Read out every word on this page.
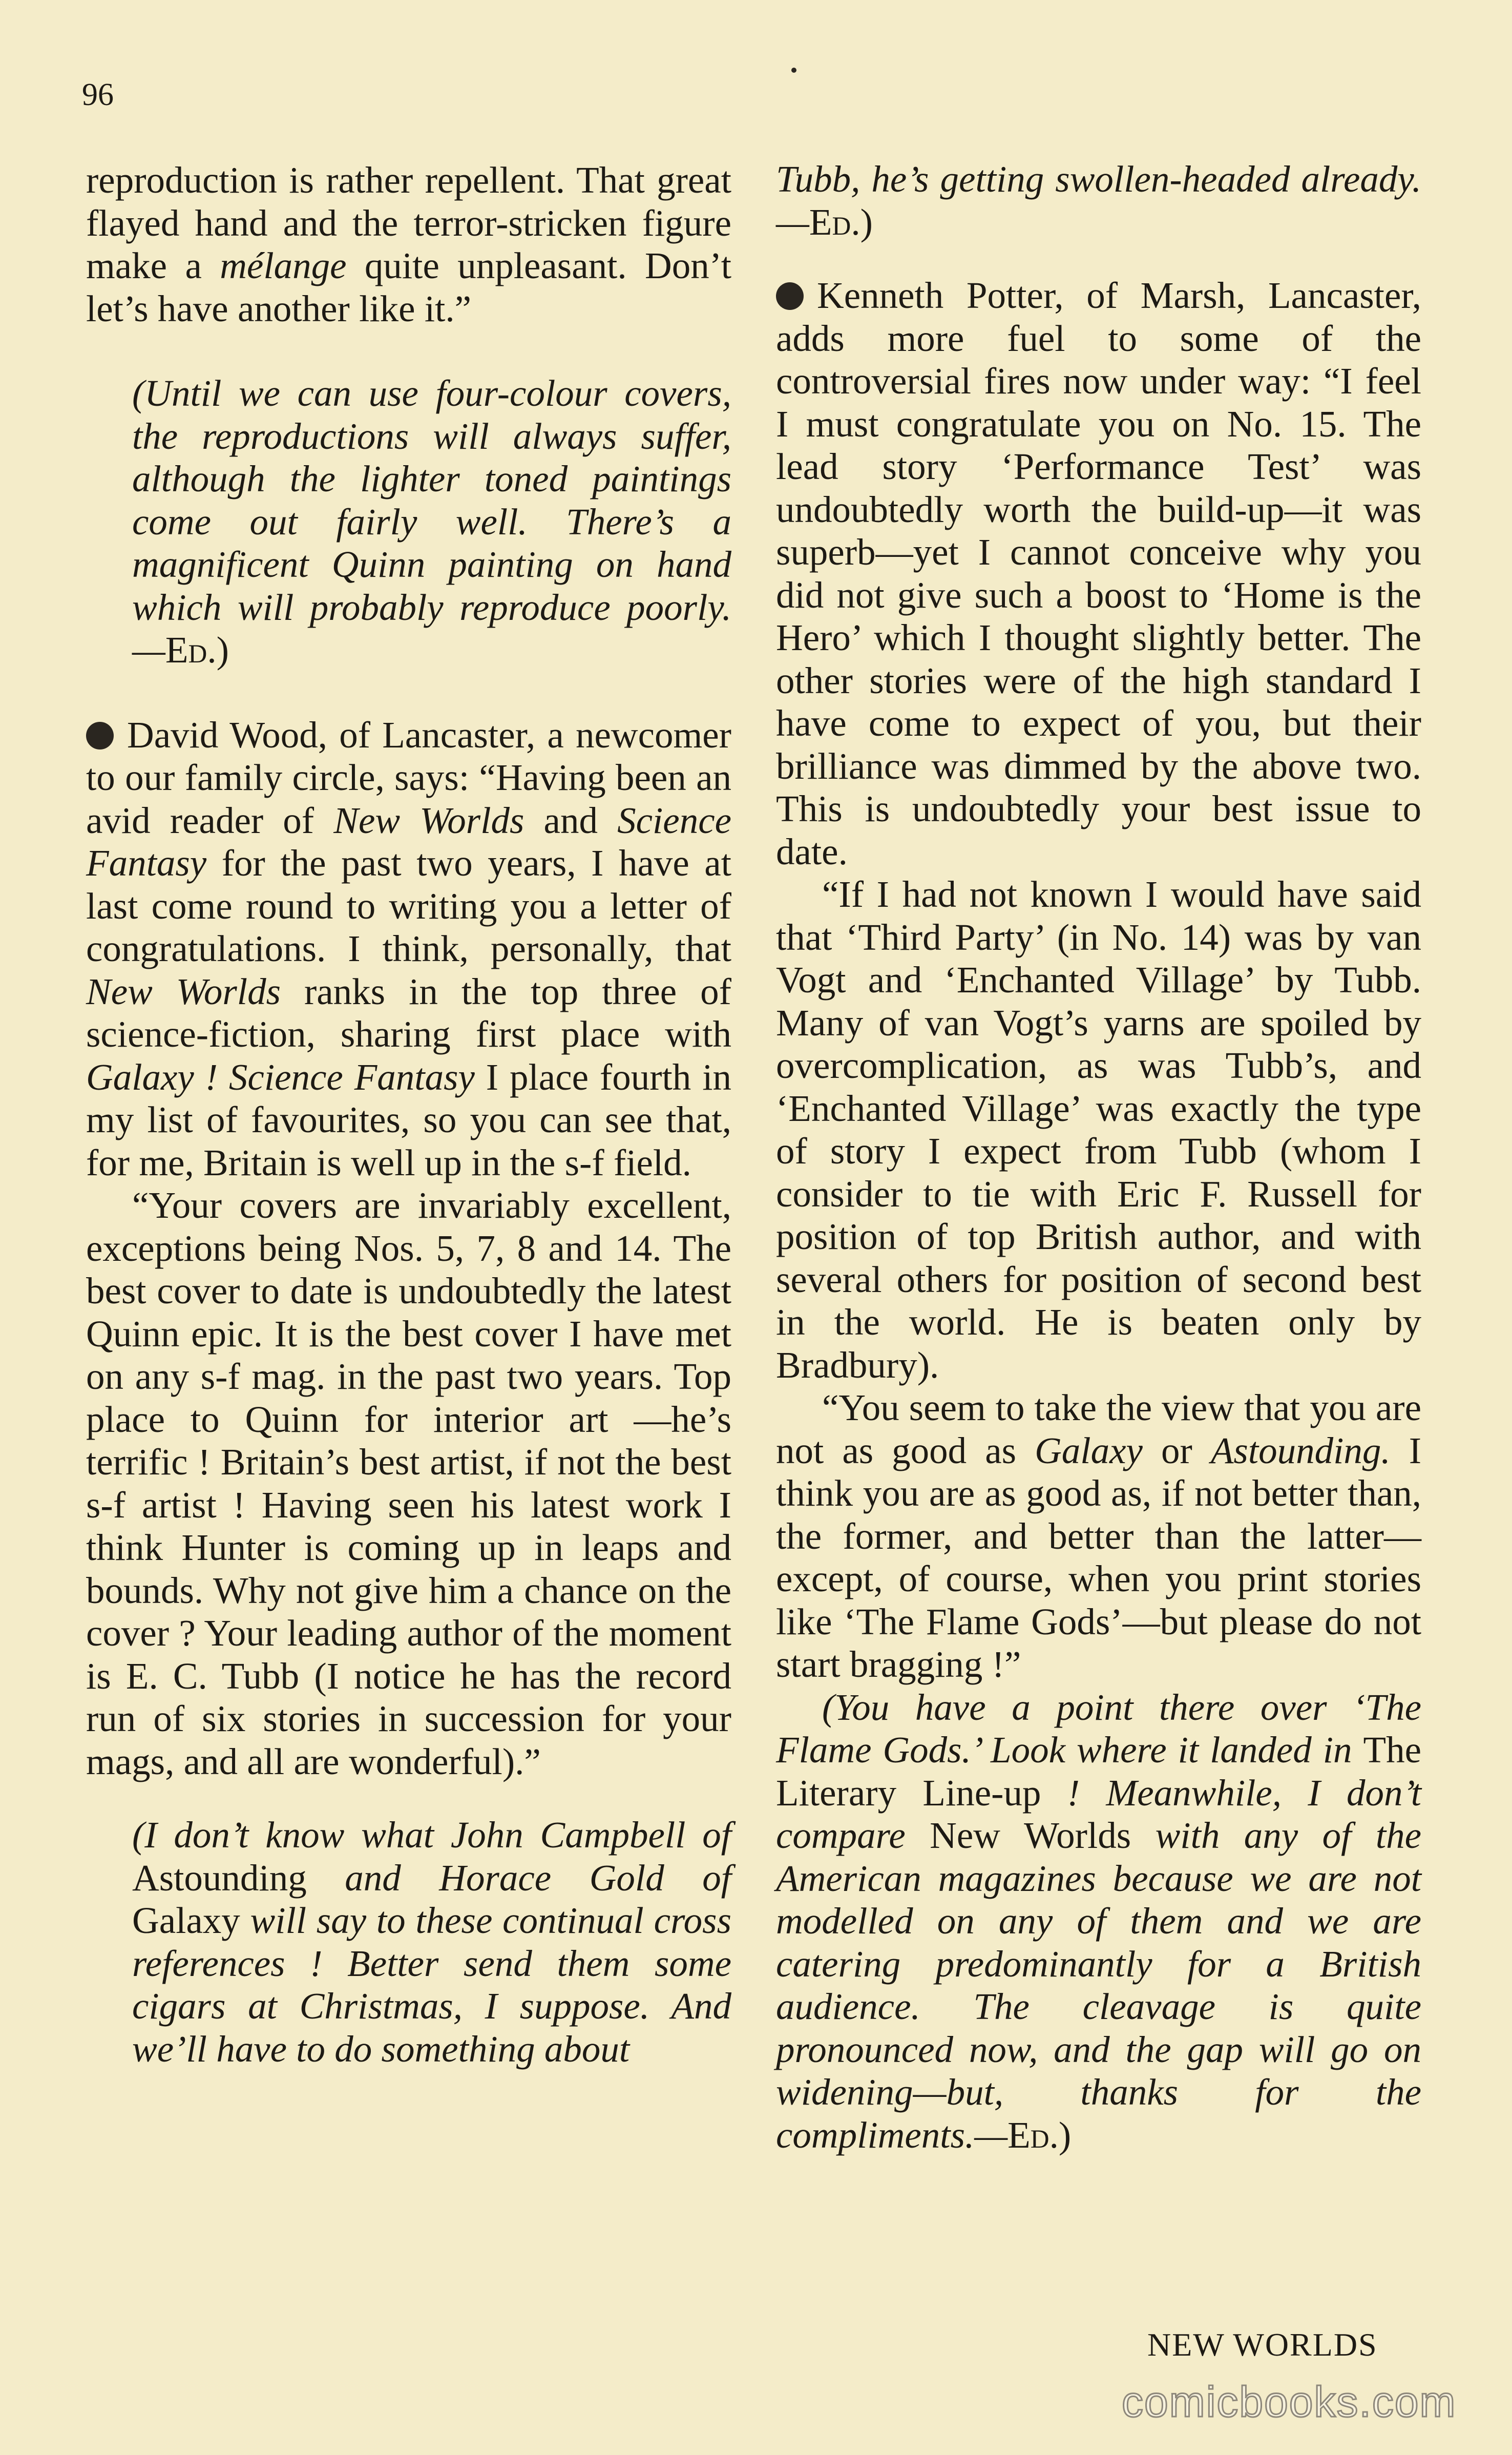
96

reproduction is rather repellent. That great flayed hand and the terror-stricken figure make a mélange quite unpleasant. Don’t let’s have another like it.”

(Until we can use four-colour covers, the reproductions will always suffer, although the lighter toned paintings come out fairly well. There’s a magnificent Quinn painting on hand which will probably reproduce poorly. —Ed.)

David Wood, of Lancaster, a newcomer to our family circle, says: “Having been an avid reader of New Worlds and Science Fantasy for the past two years, I have at last come round to writing you a letter of congratulations. I think, personally, that New Worlds ranks in the top three of science-fiction, sharing first place with Galaxy ! Science Fantasy I place fourth in my list of favourites, so you can see that, for me, Britain is well up in the s-f field.

“Your covers are invariably excellent, exceptions being Nos. 5, 7, 8 and 14. The best cover to date is undoubtedly the latest Quinn epic. It is the best cover I have met on any s-f mag. in the past two years. Top place to Quinn for interior art —he’s terrific ! Britain’s best artist, if not the best s-f artist ! Having seen his latest work I think Hunter is coming up in leaps and bounds. Why not give him a chance on the cover ? Your leading author of the moment is E. C. Tubb (I notice he has the record run of six stories in succession for your mags, and all are wonderful).”

(I don’t know what John Campbell of Astounding and Horace Gold of Galaxy will say to these continual cross references ! Better send them some cigars at Christmas, I suppose. And we’ll have to do something about

Tubb, he’s getting swollen-headed already.—Ed.)

Kenneth Potter, of Marsh, Lancaster, adds more fuel to some of the controversial fires now under way: “I feel I must congratulate you on No. 15. The lead story ‘Performance Test’ was undoubtedly worth the build-up—it was superb—yet I cannot conceive why you did not give such a boost to ‘Home is the Hero’ which I thought slightly better. The other stories were of the high standard I have come to expect of you, but their brilliance was dimmed by the above two. This is undoubtedly your best issue to date.

“If I had not known I would have said that ‘Third Party’ (in No. 14) was by van Vogt and ‘Enchanted Village’ by Tubb. Many of van Vogt’s yarns are spoiled by overcomplication, as was Tubb’s, and ‘Enchanted Village’ was exactly the type of story I expect from Tubb (whom I consider to tie with Eric F. Russell for position of top British author, and with several others for position of second best in the world. He is beaten only by Bradbury).

“You seem to take the view that you are not as good as Galaxy or Astounding. I think you are as good as, if not better than, the former, and better than the latter—except, of course, when you print stories like ‘The Flame Gods’—but please do not start bragging !”

(You have a point there over ‘The Flame Gods.’ Look where it landed in The Literary Line-up ! Meanwhile, I don’t compare New Worlds with any of the American magazines because we are not modelled on any of them and we are catering predominantly for a British audience. The cleavage is quite pronounced now, and the gap will go on widening—but, thanks for the compliments.—Ed.)

NEW WORLDS
comicbooks.com
